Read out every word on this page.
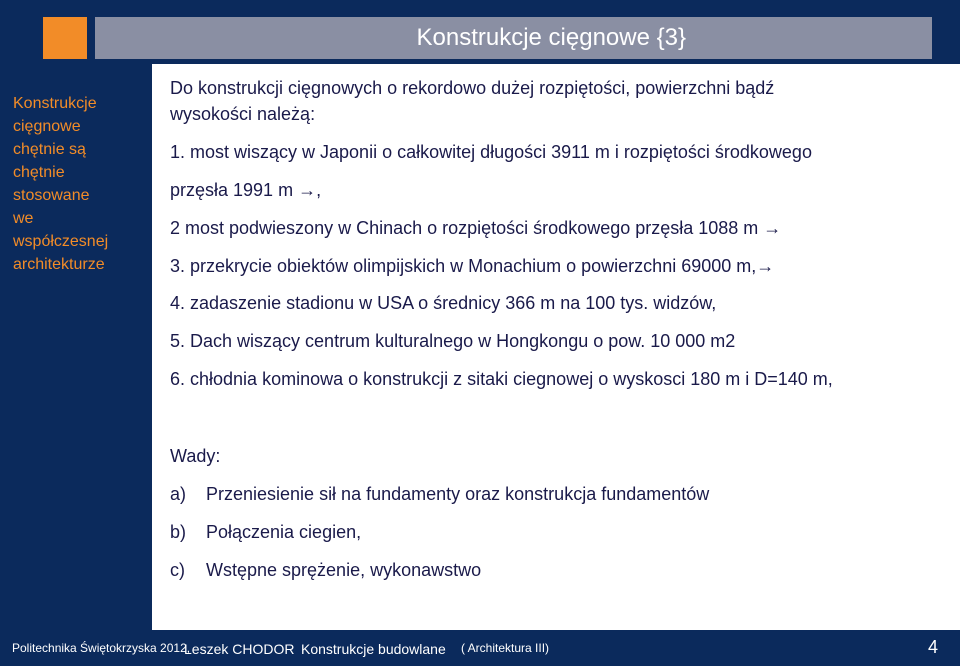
Konstrukcje cięgnowe {3}
Konstrukcje
cięgnowe
chętnie są
chętnie
stosowane
we
współczesnej
architekturze
Do konstrukcji cięgnowych o rekordowo dużej rozpiętości, powierzchni bądź
wysokości należą:
1. most wiszący w Japonii o całkowitej długości 3911 m i rozpiętości środkowego
przęsła 1991 m →,
2 most podwieszony w Chinach o rozpiętości środkowego przęsła 1088 m →
3. przekrycie obiektów olimpijskich w Monachium o powierzchni 69000 m,→
4. zadaszenie stadionu w USA o średnicy 366 m na 100 tys. widzów,
5. Dach wiszący centrum kulturalnego w Hongkongu o pow. 10 000 m2
6. chłodnia kominowa o konstrukcji z sitaki ciegnowej o wyskosci 180 m i D=140 m,
Wady:
a) Przeniesienie sił na fundamenty oraz konstrukcja fundamentów
b) Połączenia ciegien,
c) Wstępne sprężenie, wykonawstwo
Politechnika Świętokrzyska 2012,
Leszek CHODOR Konstrukcje budowlane ( Architektura III)	4
